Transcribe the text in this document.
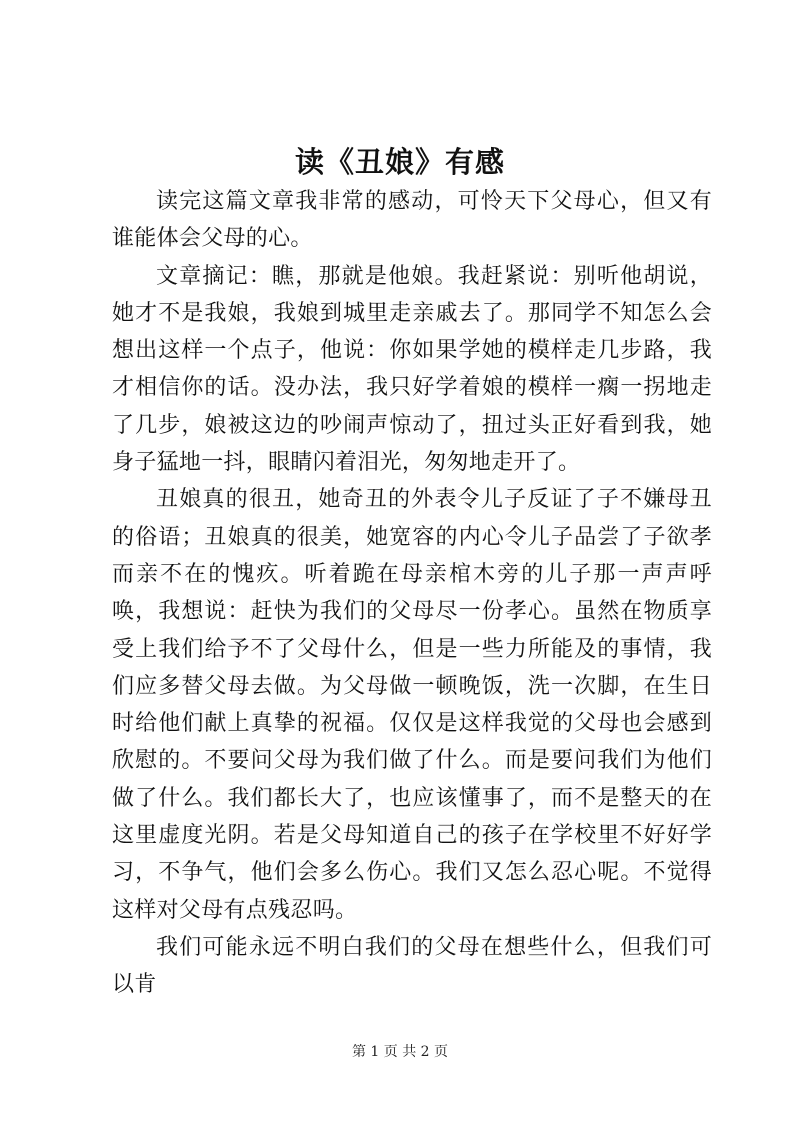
读《丑娘》有感

读完这篇文章我非常的感动，可怜天下父母心，但又有谁能体会父母的心。

文章摘记：瞧，那就是他娘。我赶紧说：别听他胡说，她才不是我娘，我娘到城里走亲戚去了。那同学不知怎么会想出这样一个点子，他说：你如果学她的模样走几步路，我才相信你的话。没办法，我只好学着娘的模样一瘸一拐地走了几步，娘被这边的吵闹声惊动了，扭过头正好看到我，她身子猛地一抖，眼睛闪着泪光，匆匆地走开了。

丑娘真的很丑，她奇丑的外表令儿子反证了子不嫌母丑的俗语；丑娘真的很美，她宽容的内心令儿子品尝了子欲孝而亲不在的愧疚。听着跪在母亲棺木旁的儿子那一声声呼唤，我想说：赶快为我们的父母尽一份孝心。虽然在物质享受上我们给予不了父母什么，但是一些力所能及的事情，我们应多替父母去做。为父母做一顿晚饭，洗一次脚，在生日时给他们献上真挚的祝福。仅仅是这样我觉的父母也会感到欣慰的。不要问父母为我们做了什么。而是要问我们为他们做了什么。我们都长大了，也应该懂事了，而不是整天的在这里虚度光阴。若是父母知道自己的孩子在学校里不好好学习，不争气，他们会多么伤心。我们又怎么忍心呢。不觉得这样对父母有点残忍吗。

我们可能永远不明白我们的父母在想些什么，但我们可以肯

第 1 页 共 2 页
